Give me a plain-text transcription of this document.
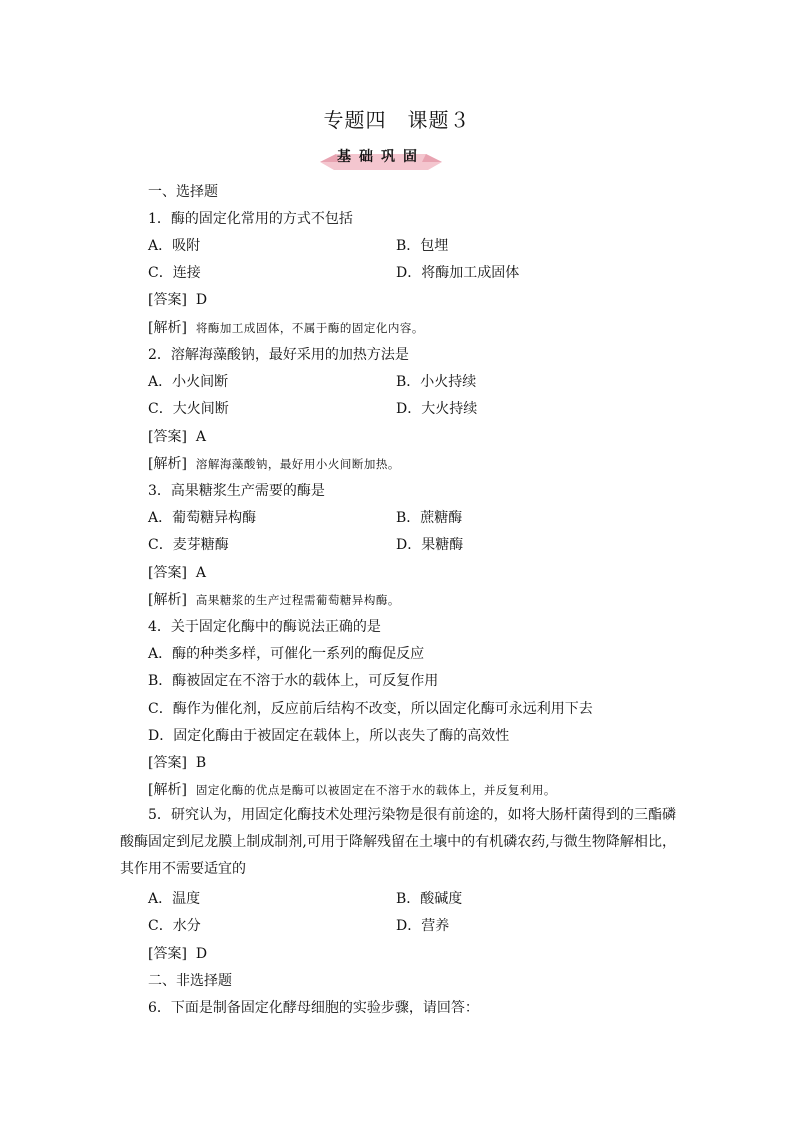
专题四　课题３
基础巩固
一、选择题
1．酶的固定化常用的方式不包括
A．吸附	B．包埋
C．连接	D．将酶加工成固体
[答案] D
[解析] 将酶加工成固体，不属于酶的固定化内容。
2．溶解海藻酸钠，最好采用的加热方法是
A．小火间断	B．小火持续
C．大火间断	D．大火持续
[答案] A
[解析] 溶解海藻酸钠，最好用小火间断加热。
3．高果糖浆生产需要的酶是
A．葡萄糖异构酶	B．蔗糖酶
C．麦芽糖酶	D．果糖酶
[答案] A
[解析] 高果糖浆的生产过程需葡萄糖异构酶。
4．关于固定化酶中的酶说法正确的是
A．酶的种类多样，可催化一系列的酶促反应
B．酶被固定在不溶于水的载体上，可反复作用
C．酶作为催化剂，反应前后结构不改变，所以固定化酶可永远利用下去
D．固定化酶由于被固定在载体上，所以丧失了酶的高效性
[答案] B
[解析] 固定化酶的优点是酶可以被固定在不溶于水的载体上，并反复利用。
5．研究认为，用固定化酶技术处理污染物是很有前途的，如将大肠杆菌得到的三酯磷酸酶固定到尼龙膜上制成制剂,可用于降解残留在土壤中的有机磷农药,与微生物降解相比，其作用不需要适宜的
A．温度	B．酸碱度
C．水分	D．营养
[答案] D
二、非选择题
6．下面是制备固定化酵母细胞的实验步骤，请回答：
